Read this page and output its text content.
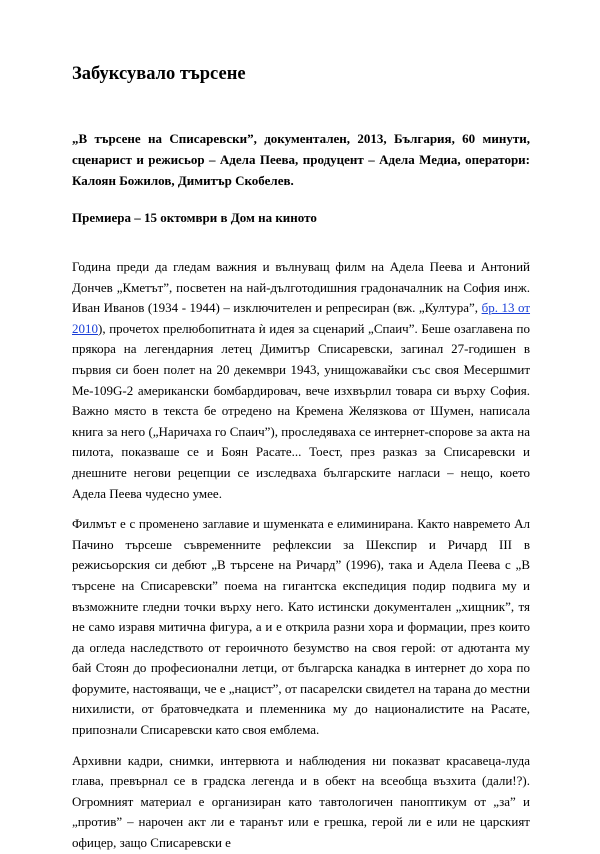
Забуксувало търсене

„В търсене на Списаревски”, документален, 2013, България, 60 минути, сценарист и режисьор – Адела Пеева, продуцент – Адела Медиа, оператори: Калоян Божилов, Димитър Скобелев.

Премиера – 15 октомври в Дом на киното

Година преди да гледам важния и вълнуващ филм на Адела Пеева и Антоний Дончев „Кметът”, посветен на най-дълготодишния градоначалник на София инж. Иван Иванов (1934 - 1944) – изключителен и репресиран (вж. „Култура”, бр. 13 от 2010), прочетох прелюбопитната ѝ идея за сценарий „Спаич”. Беше озаглавена по прякора на легендарния летец Димитър Списаревски, загинал 27-годишен в първия си боен полет на 20 декември 1943, унищожавайки със своя Месершмит Ме-109G-2 американски бомбардировач, вече изхвърлил товара си върху София. Важно място в текста бе отредено на Кремена Желязкова от Шумен, написала книга за него („Наричаха го Спаич”), проследяваха се интернет-спорове за акта на пилота, показваше се и Боян Расате... Тоест, през разказ за Списаревски и днешните негови рецепции се изследваха българските нагласи – нещо, което Адела Пеева чудесно умее.

Филмът е с променено заглавие и шуменката е елиминирана. Както навремето Ал Пачино търсеше съвременните рефлексии за Шекспир и Ричард III в режисьорския си дебют „В търсене на Ричард” (1996), така и Адела Пеева с „В търсене на Списаревски” поема на гигантска експедиция подир подвига му и възможните гледни точки върху него. Като истински документален „хищник”, тя не само изравя митична фигура, а и е открила разни хора и формации, през които да огледа наследството от героичното безумство на своя герой: от адютанта му бай Стоян до професионални летци, от българска канадка в интернет до хора по форумите, настояващи, че е „нацист”, от пасарелски свидетел на тарана до местни нихилисти, от братовчедката и племенника му до националистите на Расате, припознали Списаревски като своя емблема.

Архивни кадри, снимки, интервюта и наблюдения ни показват красавеца-луда глава, превърнал се в градска легенда и в обект на всеобща възхита (дали!?). Огромният материал е организиран като тавтологичен паноптикум от „за” и „против” – нарочен акт ли е таранът или е грешка, герой ли е или не царският офицер, защо Списаревски е
